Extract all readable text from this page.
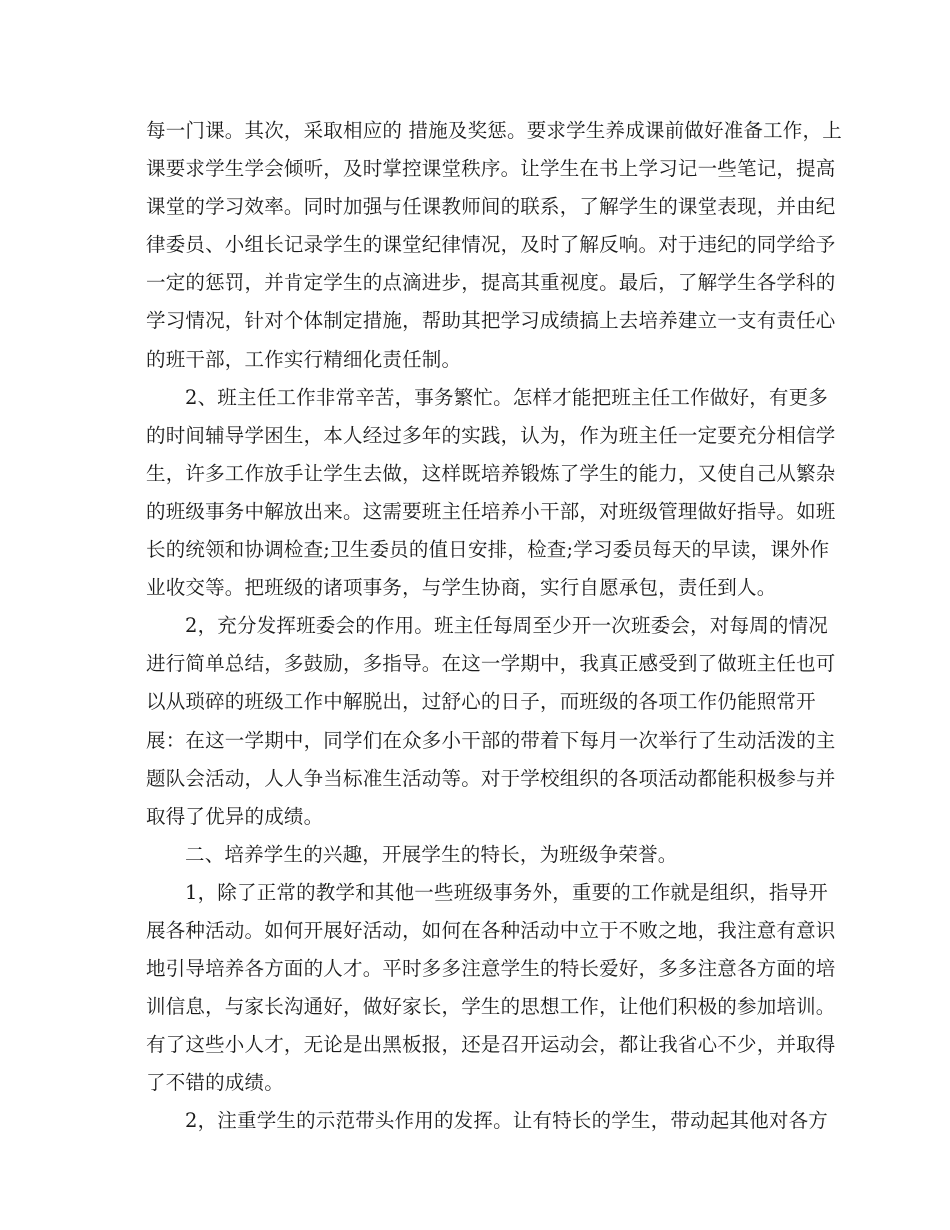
每一门课。其次，采取相应的 措施及奖惩。要求学生养成课前做好准备工作，上
课要求学生学会倾听，及时掌控课堂秩序。让学生在书上学习记一些笔记，提高
课堂的学习效率。同时加强与任课教师间的联系，了解学生的课堂表现，并由纪
律委员、小组长记录学生的课堂纪律情况，及时了解反响。对于违纪的同学给予
一定的惩罚，并肯定学生的点滴进步，提高其重视度。最后，了解学生各学科的
学习情况，针对个体制定措施，帮助其把学习成绩搞上去培养建立一支有责任心
的班干部，工作实行精细化责任制。
2、班主任工作非常辛苦，事务繁忙。怎样才能把班主任工作做好，有更多
的时间辅导学困生，本人经过多年的实践，认为，作为班主任一定要充分相信学
生，许多工作放手让学生去做，这样既培养锻炼了学生的能力，又使自己从繁杂
的班级事务中解放出来。这需要班主任培养小干部，对班级管理做好指导。如班
长的统领和协调检查;卫生委员的值日安排，检查;学习委员每天的早读，课外作
业收交等。把班级的诸项事务，与学生协商，实行自愿承包，责任到人。
2，充分发挥班委会的作用。班主任每周至少开一次班委会，对每周的情况
进行简单总结，多鼓励，多指导。在这一学期中，我真正感受到了做班主任也可
以从琐碎的班级工作中解脱出，过舒心的日子，而班级的各项工作仍能照常开
展：在这一学期中，同学们在众多小干部的带着下每月一次举行了生动活泼的主
题队会活动，人人争当标准生活动等。对于学校组织的各项活动都能积极参与并
取得了优异的成绩。
二、培养学生的兴趣，开展学生的特长，为班级争荣誉。
1，除了正常的教学和其他一些班级事务外，重要的工作就是组织，指导开
展各种活动。如何开展好活动，如何在各种活动中立于不败之地，我注意有意识
地引导培养各方面的人才。平时多多注意学生的特长爱好，多多注意各方面的培
训信息，与家长沟通好，做好家长，学生的思想工作，让他们积极的参加培训。
有了这些小人才，无论是出黑板报，还是召开运动会，都让我省心不少，并取得
了不错的成绩。
2，注重学生的示范带头作用的发挥。让有特长的学生，带动起其他对各方
